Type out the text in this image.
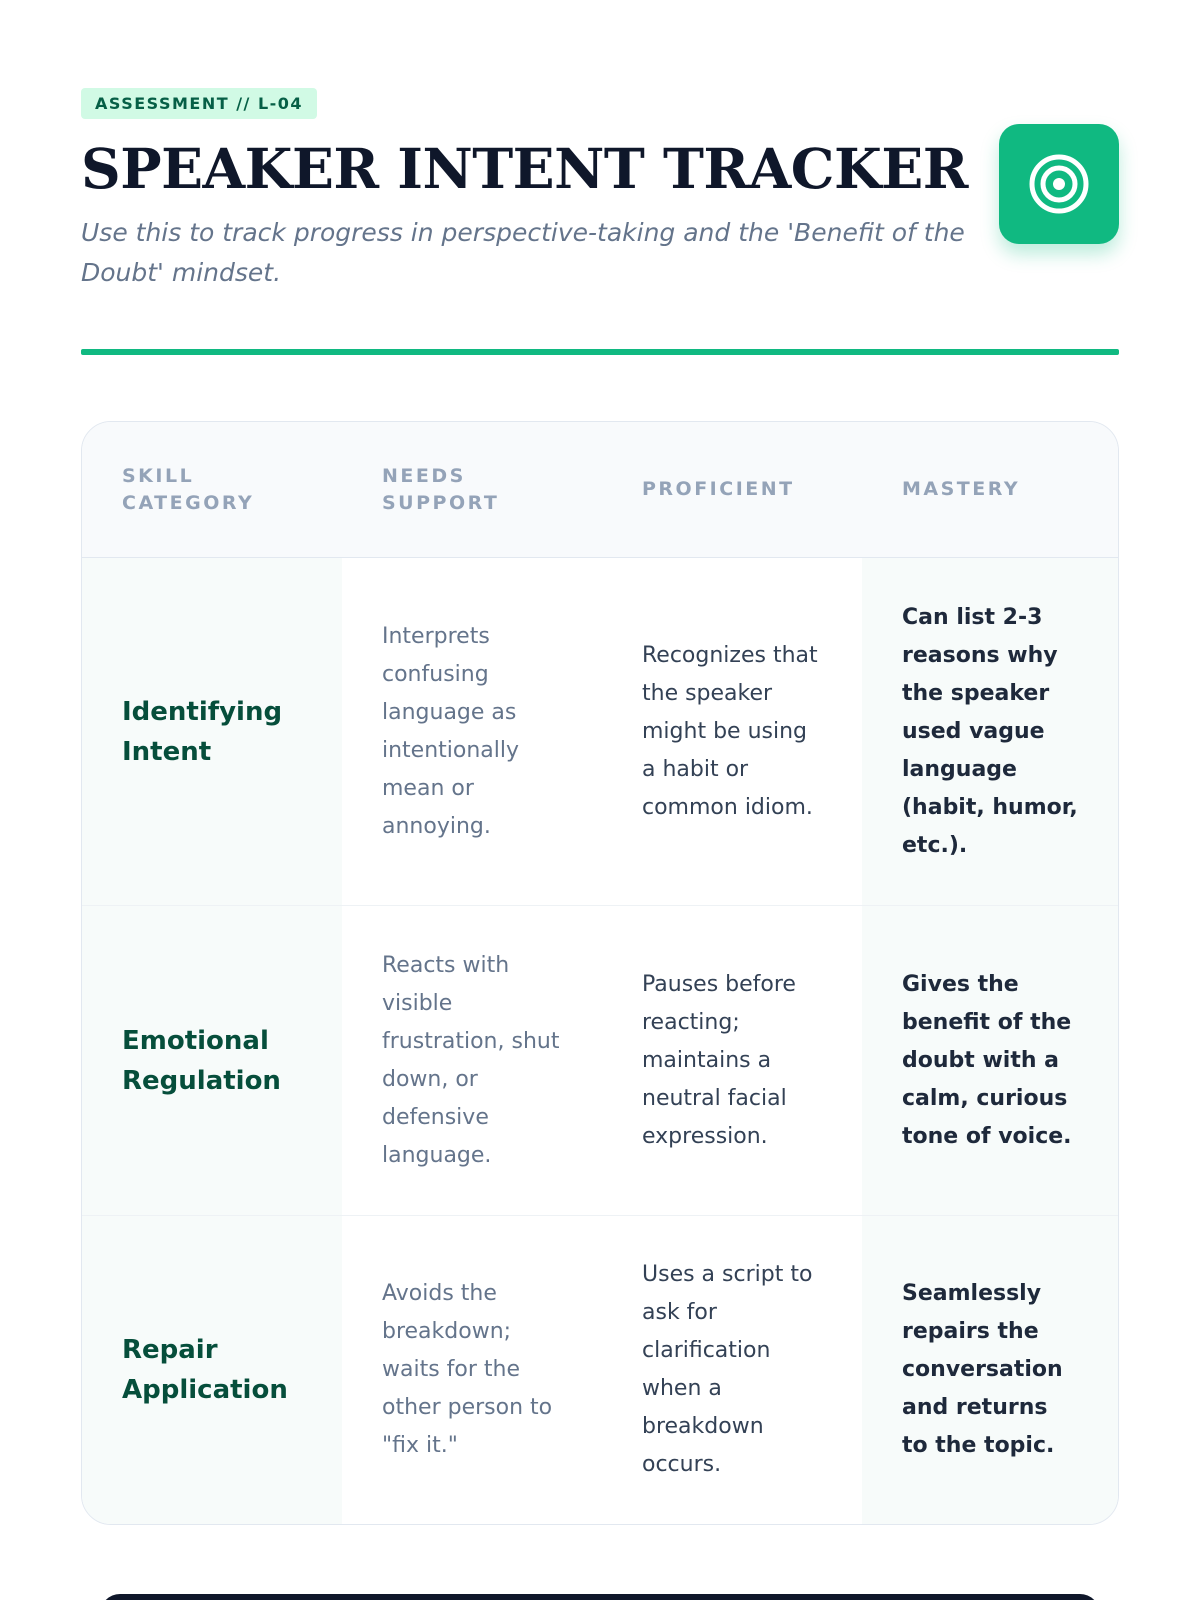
ASSESSMENT // L-04
SPEAKER INTENT TRACKER

Use this to track progress in perspective-taking and the 'Benefit of the Doubt' mindset.

SKILL CATEGORY
NEEDS SUPPORT
PROFICIENT	MASTERY
Identifying Intent
Interprets confusing language as intentionally mean or annoying.
Recognizes that the speaker might be using a habit or common idiom.
Can list 2-3 reasons why the speaker used vague language (habit, humor, etc.).
Emotional Regulation
Reacts with visible frustration, shut down, or defensive language.
Pauses before reacting; maintains a neutral facial expression.
Gives the benefit of the doubt with a calm, curious tone of voice.
Repair Application
Avoids the breakdown; waits for the other person to "fix it."
Uses a script to ask for clarification when a breakdown occurs.
Seamlessly repairs the conversation and returns to the topic.
